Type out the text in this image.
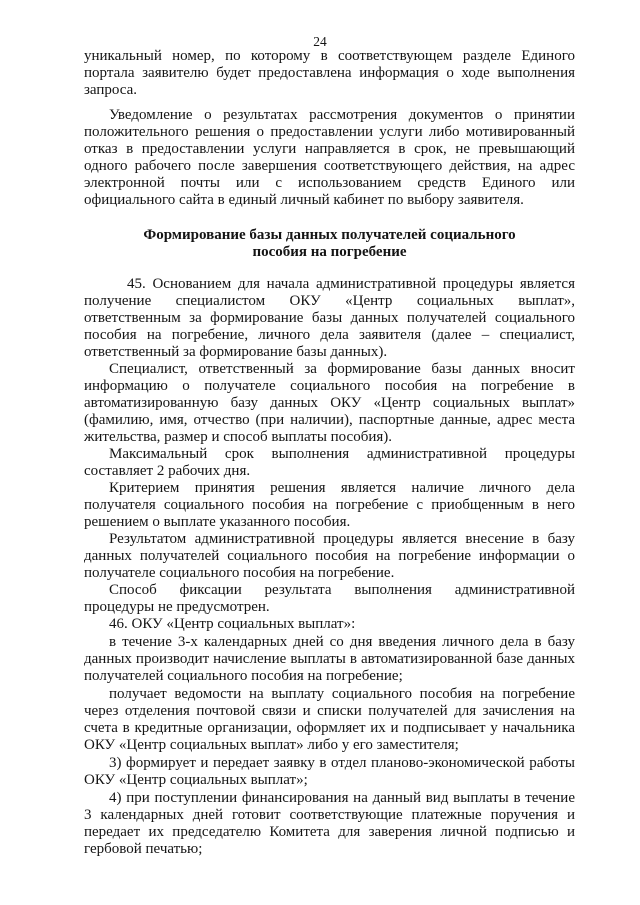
24
уникальный номер, по которому в соответствующем разделе Единого
портала заявителю будет предоставлена информация о ходе выполнения
запроса.
Уведомление о результатах рассмотрения документов о принятии
положительного решения о предоставлении услуги либо мотивированный
отказ в предоставлении услуги направляется в срок, не превышающий
одного рабочего после завершения соответствующего действия, на адрес
электронной почты или с использованием средств Единого или
официального сайта в единый личный кабинет по выбору заявителя.
Формирование базы данных получателей социального
пособия на погребение
45. Основанием для начала административной процедуры является
получение специалистом ОКУ «Центр социальных выплат»,
ответственным за формирование базы данных получателей социального
пособия на погребение, личного дела заявителя (далее – специалист,
ответственный за формирование базы данных).
Специалист, ответственный за формирование базы данных вносит
информацию о получателе социального пособия на погребение в
автоматизированную базу данных ОКУ «Центр социальных выплат»
(фамилию, имя, отчество (при наличии), паспортные данные, адрес места
жительства, размер и способ выплаты пособия).
Максимальный срок выполнения административной процедуры
составляет 2 рабочих дня.
Критерием принятия решения является наличие личного дела
получателя социального пособия на погребение с приобщенным в него
решением о выплате указанного пособия.
Результатом административной процедуры является внесение в базу
данных получателей социального пособия на погребение информации о
получателе социального пособия на погребение.
Способ фиксации результата выполнения административной
процедуры не предусмотрен.
46. ОКУ «Центр социальных выплат»:
в течение 3-х календарных дней со дня введения личного дела в базу
данных производит начисление выплаты в автоматизированной базе данных
получателей социального пособия на погребение;
получает ведомости на выплату социального пособия на погребение
через отделения почтовой связи и списки получателей для зачисления на
счета в кредитные организации, оформляет их и подписывает у начальника
ОКУ «Центр социальных выплат» либо у его заместителя;
3) формирует и передает заявку в отдел планово-экономической работы
ОКУ «Центр социальных выплат»;
4) при поступлении финансирования на данный вид выплаты в течение
3 календарных дней готовит соответствующие платежные поручения и
передает их председателю Комитета для заверения личной подписью и
гербовой печатью;
